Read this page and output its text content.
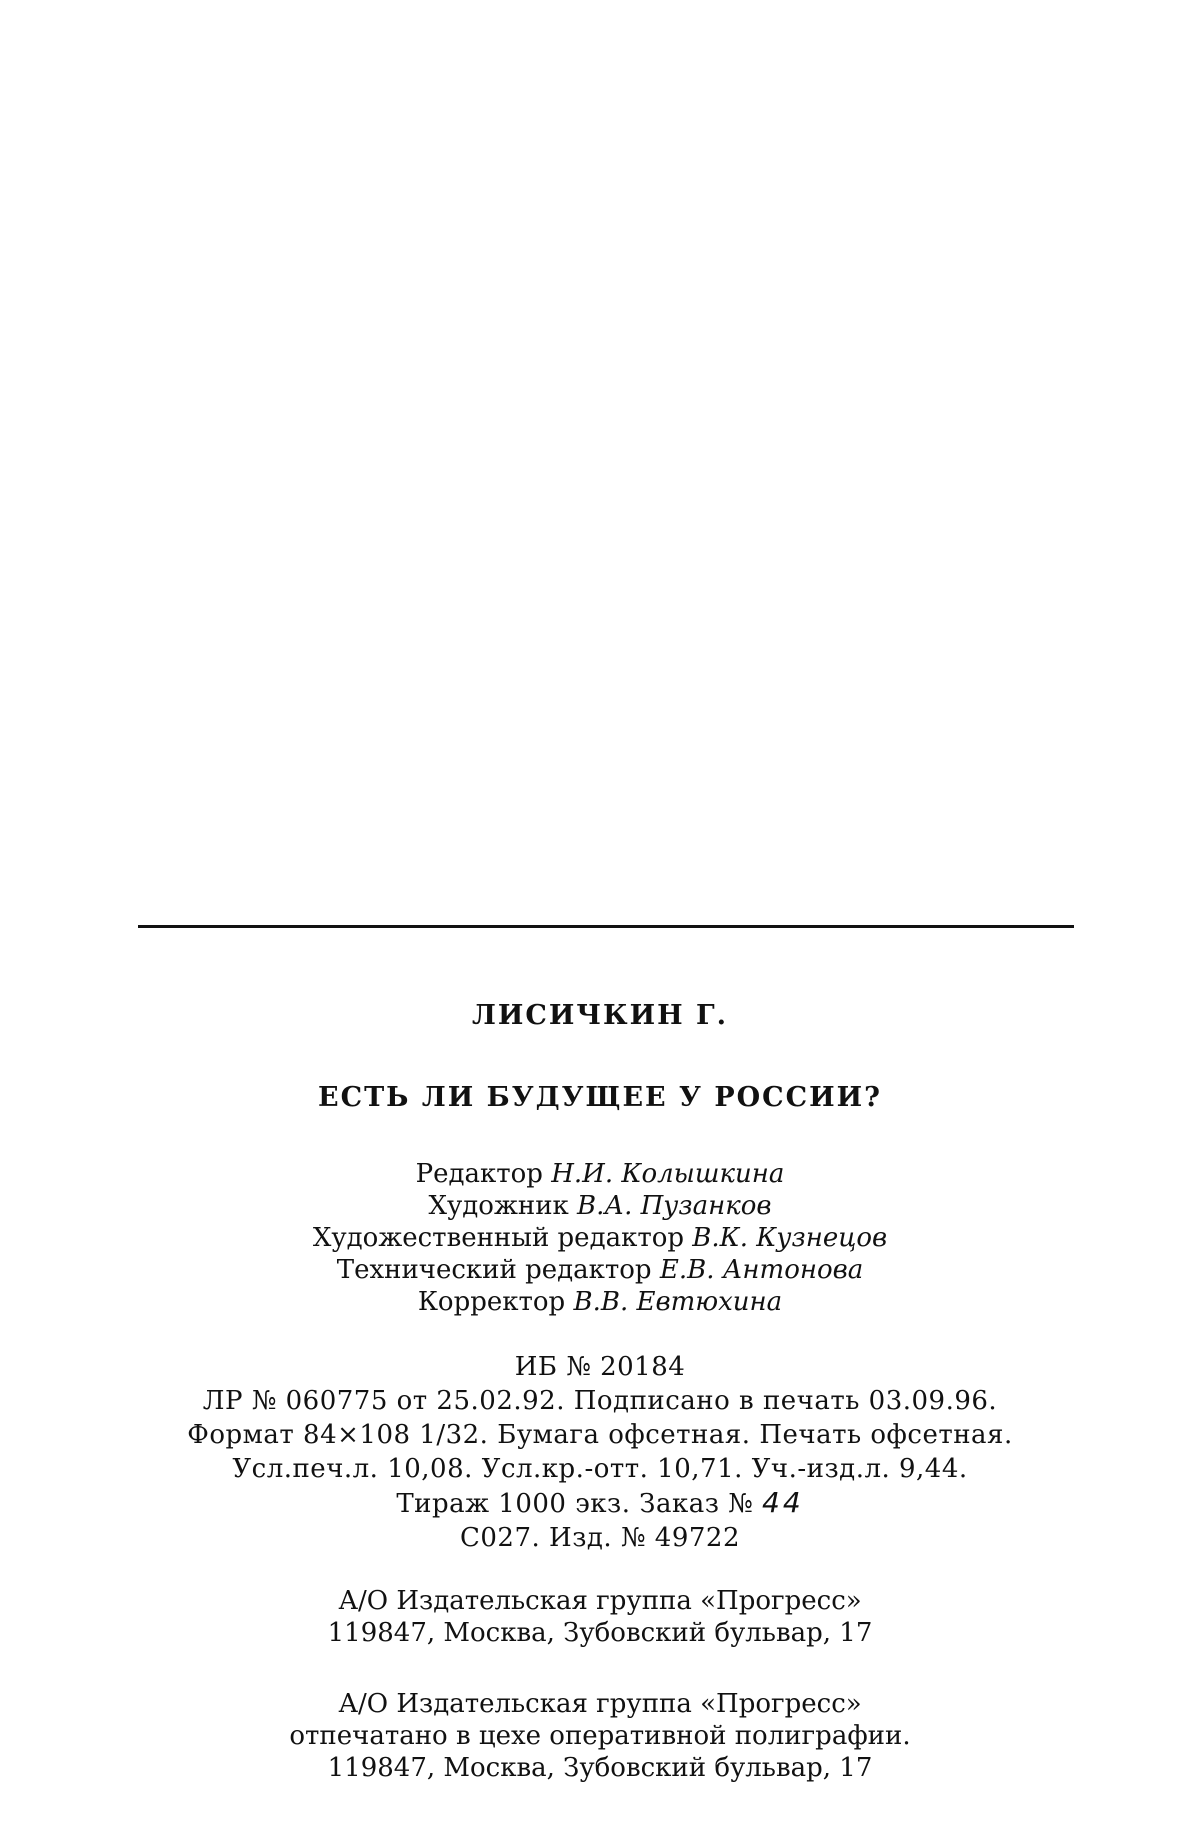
ЛИСИЧКИН Г.
ЕСТЬ ЛИ БУДУЩЕЕ У РОССИИ?
Редактор Н.И. Колышкина
Художник В.А. Пузанков
Художественный редактор В.К. Кузнецов
Технический редактор Е.В. Антонова
Корректор В.В. Евтюхина
ИБ № 20184
ЛР № 060775 от 25.02.92. Подписано в печать 03.09.96.
Формат 84×108 1/32. Бумага офсетная. Печать офсетная.
Усл.печ.л. 10,08. Усл.кр.-отт. 10,71. Уч.-изд.л. 9,44.
Тираж 1000 экз. Заказ № 44
С027. Изд. № 49722
А/О Издательская группа «Прогресс»
119847, Москва, Зубовский бульвар, 17
А/О Издательская группа «Прогресс»
отпечатано в цехе оперативной полиграфии.
119847, Москва, Зубовский бульвар, 17
